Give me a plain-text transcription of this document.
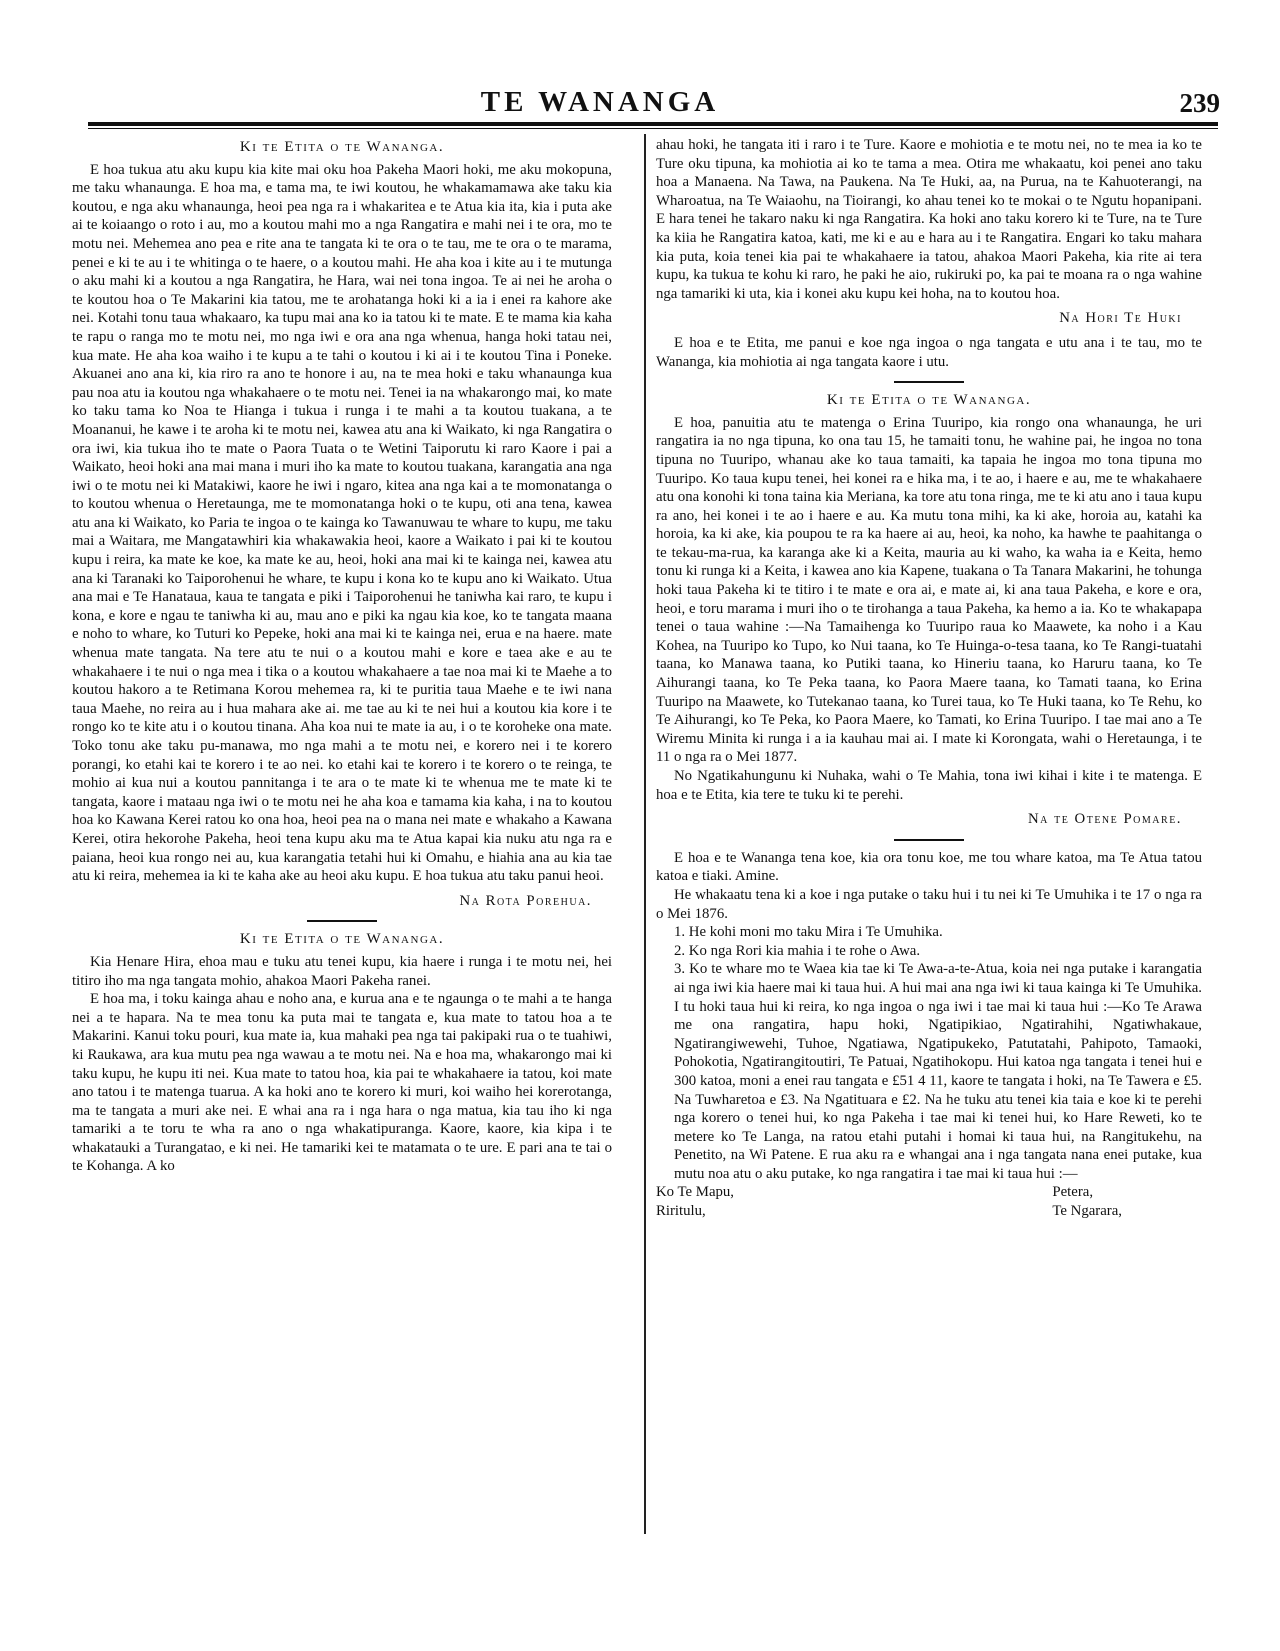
TE WANANGA	239
Ki te Etita o te Wananga.

E hoa tukua atu aku kupu kia kite mai oku hoa Pakeha Maori hoki, me aku mokopuna, me taku whanaunga. E hoa ma, e tama ma, te iwi koutou, he whakamamawa ake taku kia koutou, e nga aku whanaunga, heoi pea nga ra i whakaritea e te Atua kia ita, kia i puta ake ai te koiaango o roto i au, mo a koutou mahi mo a nga Rangatira e mahi nei i te ora, mo te motu nei. Mehemea ano pea e rite ana te tangata ki te ora o te tau, me te ora o te marama, penei e ki te au i te whitinga o te haere, o a koutou mahi. He aha koa i kite au i te mutunga o aku mahi ki a koutou a nga Rangatira, he Hara, wai nei tona ingoa. Te ai nei he aroha o te koutou hoa o Te Makarini kia tatou, me te arohatanga hoki ki a ia i enei ra kahore ake nei. Kotahi tonu taua whakaaro, ka tupu mai ana ko ia tatou ki te mate. E te mama kia kaha te rapu o ranga mo te motu nei, mo nga iwi e ora ana nga whenua, hanga hoki tatau nei, kua mate. He aha koa waiho i te kupu a te tahi o koutou i ki ai i te koutou Tina i Poneke. Akuanei ano ana ki, kia riro ra ano te honore i au, na te mea hoki e taku whanaunga kua pau noa atu ia koutou nga whakahaere o te motu nei. Tenei ia na whakarongo mai, ko mate ko taku tama ko Noa te Hianga i tukua i runga i te mahi a ta koutou tuakana, a te Moananui, he kawe i te aroha ki te motu nei, kawea atu ana ki Waikato, ki nga Rangatira o ora iwi, kia tukua iho te mate o Paora Tuata o te Wetini Taiporutu ki raro Kaore i pai a Waikato, heoi hoki ana mai mana i muri iho ka mate to koutou tuakana, karangatia ana nga iwi o te motu nei ki Matakiwi, kaore he iwi i ngaro, kitea ana nga kai a te momonatanga o to koutou whenua o Heretaunga, me te momonatanga hoki o te kupu, oti ana tena, kawea atu ana ki Waikato, ko Paria te ingoa o te kainga ko Tawanuwau te whare to kupu, me taku mai a Waitara, me Mangatawhiri kia whakawakia heoi, kaore a Waikato i pai ki te koutou kupu i reira, ka mate ke koe, ka mate ke au, heoi, hoki ana mai ki te kainga nei, kawea atu ana ki Taranaki ko Taiporohenui he whare, te kupu i kona ko te kupu ano ki Waikato. Utua ana mai e Te Hanataua, kaua te tangata e piki i Taiporohenui he taniwha kai raro, te kupu i kona, e kore e ngau te taniwha ki au, mau ano e piki ka ngau kia koe, ko te tangata maana e noho to whare, ko Tuturi ko Pepeke, hoki ana mai ki te kainga nei, erua e na haere. mate whenua mate tangata. Na tere atu te nui o a koutou mahi e kore e taea ake e au te whakahaere i te nui o nga mea i tika o a koutou whakahaere a tae noa mai ki te Maehe a to koutou hakoro a te Retimana Korou mehemea ra, ki te puritia taua Maehe e te iwi nana taua Maehe, no reira au i hua mahara ake ai. me tae au ki te nei hui a koutou kia kore i te rongo ko te kite atu i o koutou tinana. Aha koa nui te mate ia au, i o te koroheke ona mate. Toko tonu ake taku pu-manawa, mo nga mahi a te motu nei, e korero nei i te korero porangi, ko etahi kai te korero i te ao nei. ko etahi kai te korero i te korero o te reinga, te mohio ai kua nui a koutou pannitanga i te ara o te mate ki te whenua me te mate ki te tangata, kaore i mataau nga iwi o te motu nei he aha koa e tamama kia kaha, i na to koutou hoa ko Kawana Kerei ratou ko ona hoa, heoi pea na o mana nei mate e whakaho a Kawana Kerei, otira hekorohe Pakeha, heoi tena kupu aku ma te Atua kapai kia nuku atu nga ra e paiana, heoi kua rongo nei au, kua karangatia tetahi hui ki Omahu, e hiahia ana au kia tae atu ki reira, mehemea ia ki te kaha ake au heoi aku kupu. E hoa tukua atu taku panui heoi.

Na Rota Porehua.
Ki te Etita o te Wananga.

Kia Henare Hira, ehoa mau e tuku atu tenei kupu, kia haere i runga i te motu nei, hei titiro iho ma nga tangata mohio, ahakoa Maori Pakeha ranei.

E hoa ma, i toku kainga ahau e noho ana, e kurua ana e te ngaunga o te mahi a te hanga nei a te hapara. Na te mea tonu ka puta mai te tangata e, kua mate to tatou hoa a te Makarini. Kanui toku pouri, kua mate ia, kua mahaki pea nga tai pakipaki rua o te tuahiwi, ki Raukawa, ara kua mutu pea nga wawau a te motu nei. Na e hoa ma, whakarongo mai ki taku kupu, he kupu iti nei. Kua mate to tatou hoa, kia pai te whakahaere ia tatou, koi mate ano tatou i te matenga tuarua. A ka hoki ano te korero ki muri, koi waiho hei korerotanga, ma te tangata a muri ake nei. E whai ana ra i nga hara o nga matua, kia tau iho ki nga tamariki a te toru te wha ra ano o nga whakatipuranga. Kaore, kaore, kia kipa i te whakatauki a Turangatao, e ki nei. He tamariki kei te matamata o te ure. E pari ana te tai o te Kohanga. A ko

ahau hoki, he tangata iti i raro i te Ture. Kaore e mohiotia e te motu nei, no te mea ia ko te Ture oku tipuna, ka mohiotia ai ko te tama a mea. Otira me whakaatu, koi penei ano taku hoa a Manaena. Na Tawa, na Paukena. Na Te Huki, aa, na Purua, na te Kahuoterangi, na Wharoatua, na Te Waiaohu, na Tioirangi, ko ahau tenei ko te mokai o te Ngutu hopanipani. E hara tenei he takaro naku ki nga Rangatira. Ka hoki ano taku korero ki te Ture, na te Ture ka kiia he Rangatira katoa, kati, me ki e au e hara au i te Rangatira. Engari ko taku mahara kia puta, koia tenei kia pai te whakahaere ia tatou, ahakoa Maori Pakeha, kia rite ai tera kupu, ka tukua te kohu ki raro, he paki he aio, rukiruki po, ka pai te moana ra o nga wahine nga tamariki ki uta, kia i konei aku kupu kei hoha, na to koutou hoa.

Na Hori Te Huki

E hoa e te Etita, me panui e koe nga ingoa o nga tangata e utu ana i te tau, mo te Wananga, kia mohiotia ai nga tangata kaore i utu.

Ki te Etita o te Wananga.

E hoa, panuitia atu te matenga o Erina Tuuripo, kia rongo ona whanaunga, he uri rangatira ia no nga tipuna, ko ona tau 15, he tamaiti tonu, he wahine pai, he ingoa no tona tipuna no Tuuripo, whanau ake ko taua tamaiti, ka tapaia he ingoa mo tona tipuna mo Tuuripo. Ko taua kupu tenei, hei konei ra e hika ma, i te ao, i haere e au, me te whakahaere atu ona konohi ki tona taina kia Meriana, ka tore atu tona ringa, me te ki atu ano i taua kupu ra ano, hei konei i te ao i haere e au. Ka mutu tona mihi, ka ki ake, horoia au, katahi ka horoia, ka ki ake, kia poupou te ra ka haere ai au, heoi, ka noho, ka hawhe te paahitanga o te tekau-ma-rua, ka karanga ake ki a Keita, mauria au ki waho, ka waha ia e Keita, hemo tonu ki runga ki a Keita, i kawea ano kia Kapene, tuakana o Ta Tanara Makarini, he tohunga hoki taua Pakeha ki te titiro i te mate e ora ai, e mate ai, ki ana taua Pakeha, e kore e ora, heoi, e toru marama i muri iho o te tirohanga a taua Pakeha, ka hemo a ia. Ko te whakapapa tenei o taua wahine :—Na Tamaihenga ko Tuuripo raua ko Maawete, ka noho i a Kau Kohea, na Tuuripo ko Tupo, ko Nui taana, ko Te Huinga-o-tesa taana, ko Te Rangi-tuatahi taana, ko Manawa taana, ko Putiki taana, ko Hineriu taana, ko Haruru taana, ko Te Aihurangi taana, ko Te Peka taana, ko Paora Maere taana, ko Tamati taana, ko Erina Tuuripo na Maawete, ko Tutekanao taana, ko Turei taua, ko Te Huki taana, ko Te Rehu, ko Te Aihurangi, ko Te Peka, ko Paora Maere, ko Tamati, ko Erina Tuuripo. I tae mai ano a Te Wiremu Minita ki runga i a ia kauhau mai ai. I mate ki Korongata, wahi o Heretaunga, i te 11 o nga ra o Mei 1877.

No Ngatikahungunu ki Nuhaka, wahi o Te Mahia, tona iwi kihai i kite i te matenga. E hoa e te Etita, kia tere te tuku ki te perehi.

Na te Otene Pomare.

E hoa e te Wananga tena koe, kia ora tonu koe, me tou whare katoa, ma Te Atua tatou katoa e tiaki. Amine.

He whakaatu tena ki a koe i nga putake o taku hui i tu nei ki Te Umuhika i te 17 o nga ra o Mei 1876.

1. He kohi moni mo taku Mira i Te Umuhika.

2. Ko nga Rori kia mahia i te rohe o Awa.

3. Ko te whare mo te Waea kia tae ki Te Awa-a-te-Atua, koia nei nga putake i karangatia ai nga iwi kia haere mai ki taua hui. A hui mai ana nga iwi ki taua kainga ki Te Umuhika. I tu hoki taua hui ki reira, ko nga ingoa o nga iwi i tae mai ki taua hui :—Ko Te Arawa me ona rangatira, hapu hoki, Ngatipikiao, Ngatirahihi, Ngatiwhakaue, Ngatirangiwewehi, Tuhoe, Ngatiawa, Ngatipukeko, Patutatahi, Pahipoto, Tamaoki, Pohokotia, Ngatirangitoutiri, Te Patuai, Ngatihokopu. Hui katoa nga tangata i tenei hui e 300 katoa, moni a enei rau tangata e £51 4 11, kaore te tangata i hoki, na Te Tawera e £5. Na Tuwharetoa e £3. Na Ngatituara e £2. Na he tuku atu tenei kia taia e koe ki te perehi nga korero o tenei hui, ko nga Pakeha i tae mai ki tenei hui, ko Hare Reweti, ko te metere ko Te Langa, na ratou etahi putahi i homai ki taua hui, na Rangitukehu, na Penetito, na Wi Patene. E rua aku ra e whangai ana i nga tangata nana enei putake, kua mutu noa atu o aku putake, ko nga rangatira i tae mai ki taua hui :—

Ko Te Mapu,
Riritulu,
Petera,
Te Ngarara,
